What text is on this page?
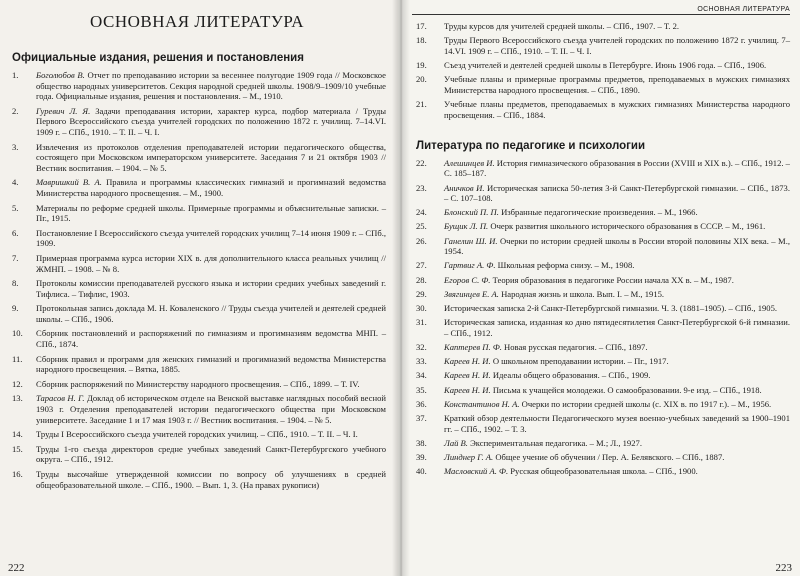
ОСНОВНАЯ ЛИТЕРАТУРА
Официальные издания, решения и постановления
1.	Боголюбов В. Отчет по преподаванию истории за весеннее полугодие 1909 года // Московское общество народных университетов. Секция народной средней школы. 1908/9–1909/10 учебные года. Официальные издания, решения и постановления. – М., 1910.
2.	Гуревич Л. Я. Задачи преподавания истории, характер курса, подбор материала / Труды Первого Всероссийского съезда учителей городских по положению 1872 г. училищ. 7–14.VI. 1909 г. – СПб., 1910. – Т. II. – Ч. I.
3.	Извлечения из протоколов отделения преподавателей истории педагогического общества, состоящего при Московском императорском университете. Заседания 7 и 21 октября 1903 // Вестник воспитания. – 1904. – № 5.
4.	Мавришкий В. А. Правила и программы классических гимназий и прогимназий ведомства Министерства народного просвещения. – М., 1900.
5.	Материалы по реформе средней школы. Примерные программы и объяснительные записки. – Пг., 1915.
6.	Постановление I Всероссийского съезда учителей городских училищ 7–14 июня 1909 г. – СПб., 1909.
7.	Примерная программа курса истории XIX в. для дополнительного класса реальных училищ // ЖМНП. – 1908. – № 8.
8.	Протоколы комиссии преподавателей русского языка и истории средних учебных заведений г. Тифлиса. – Тифлис, 1903.
9.	Протокольная запись доклада М. Н. Коваленского // Труды съезда учителей и деятелей средней школы. – СПб., 1906.
10.	Сборник постановлений и распоряжений по гимназиям и прогимназиям ведомства МНП. – СПб., 1874.
11.	Сборник правил и программ для женских гимназий и прогимназий ведомства Министерства народного просвещения. – Вятка, 1885.
12.	Сборник распоряжений по Министерству народного просвещения. – СПб., 1899. – Т. IV.
13.	Тарасов Н. Г. Доклад об историческом отделе на Венской выставке наглядных пособий весной 1903 г. Отделения преподавателей истории педагогического общества при Московском университете. Заседание 1 и 17 мая 1903 г. // Вестник воспитания. – 1904. – № 5.
14.	Труды I Всероссийского съезда учителей городских училищ. – СПб., 1910. – Т. II. – Ч. I.
15.	Труды 1-го съезда директоров средне учебных заведений Санкт-Петербургского учебного округа. – СПб., 1912.
16.	Труды высочайше утвержденной комиссии по вопросу об улучшениях в средней общеобразовательной школе. – СПб., 1900. – Вып. 1, 3. (На правах рукописи)
222
ОСНОВНАЯ ЛИТЕРАТУРА
17.	Труды курсов для учителей средней школы. – СПб., 1907. – Т. 2.
18.	Труды Первого Всероссийского съезда учителей городских по положению 1872 г. училищ. 7–14.VI. 1909 г. – СПб., 1910. – Т. II. – Ч. I.
19.	Съезд учителей и деятелей средней школы в Петербурге. Июнь 1906 года. – СПб., 1906.
20.	Учебные планы и примерные программы предметов, преподаваемых в мужских гимназиях Министерства народного просвещения. – СПб., 1890.
21.	Учебные планы предметов, преподаваемых в мужских гимназиях Министерства народного просвещения. – СПб., 1884.
Литература по педагогике и психологии
22.	Алешинцев И. История гимназического образования в России (XVIII и XIX в.). – СПб., 1912. – С. 185–187.
23.	Аничков И. Историческая записка 50-летия 3-й Санкт-Петербургской гимназии. – СПб., 1873. – С. 107–108.
24.	Блонский П. П. Избранные педагогические произведения. – М., 1966.
25.	Бущик Л. П. Очерк развития школьного исторического образования в СССР. – М., 1961.
26.	Ганелин Ш. И. Очерки по истории средней школы в России второй половины XIX века. – М., 1954.
27.	Гартвиг А. Ф. Школьная реформа снизу. – М., 1908.
28.	Егоров С. Ф. Теория образования в педагогике России начала XX в. – М., 1987.
29.	Звягинцев Е. А. Народная жизнь и школа. Вып. I. – М., 1915.
30.	Историческая записка 2-й Санкт-Петербургской гимназии. Ч. 3. (1881–1905). – СПб., 1905.
31.	Историческая записка, изданная ко дню пятидесятилетия Санкт-Петербургской 6-й гимназии. – СПб., 1912.
32.	Каптерев П. Ф. Новая русская педагогия. – СПб., 1897.
33.	Кареев Н. И. О школьном преподавании истории. – Пг., 1917.
34.	Кареев Н. И. Идеалы общего образования. – СПб., 1909.
35.	Кареев Н. И. Письма к учащейся молодежи. О самообразовании. 9-е изд. – СПб., 1918.
36.	Константинов Н. А. Очерки по истории средней школы (с. XIX в. по 1917 г.). – М., 1956.
37.	Краткий обзор деятельности Педагогического музея военно-учебных заведений за 1900–1901 гг. – СПб., 1902. – Т. 3.
38.	Лай В. Экспериментальная педагогика. – М.; Л., 1927.
39.	Линднер Г. А. Общее учение об обучении / Пер. А. Белявского. – СПб., 1887.
40.	Масловский А. Ф. Русская общеобразовательная школа. – СПб., 1900.
223
